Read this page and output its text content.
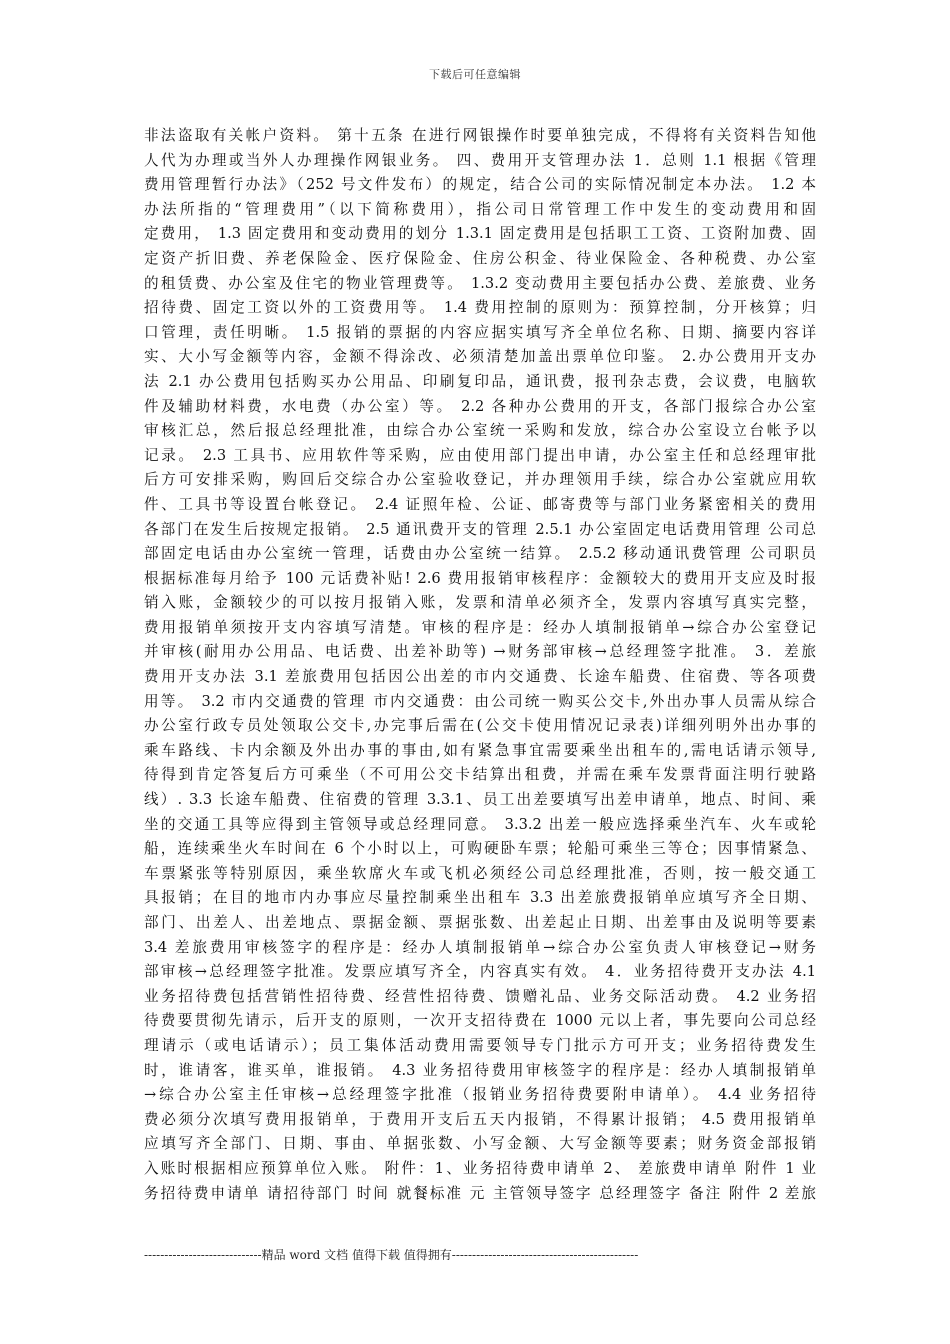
下载后可任意编辑

非法盗取有关帐户资料。 第十五条 在进行网银操作时要单独完成，不得将有关资料告知他

人代为办理或当外人办理操作网银业务。 四、费用开支管理办法 1．总则 1.1 根据《管理

费用管理暂行办法》（252 号文件发布）的规定，结合公司的实际情况制定本办法。 1.2 本

办法所指的“管理费用”（以下简称费用），指公司日常管理工作中发生的变动费用和固

定费用， 1.3 固定费用和变动费用的划分 1.3.1 固定费用是包括职工工资、工资附加费、固

定资产折旧费、养老保险金、医疗保险金、住房公积金、待业保险金、各种税费、办公室

的租赁费、办公室及住宅的物业管理费等。 1.3.2 变动费用主要包括办公费、差旅费、业务

招待费、固定工资以外的工资费用等。 1.4 费用控制的原则为：预算控制，分开核算；归

口管理，责任明晰。 1.5 报销的票据的内容应据实填写齐全单位名称、日期、摘要内容详

实、大小写金额等内容，金额不得涂改、必须清楚加盖出票单位印鉴。 2.办公费用开支办

法 2.1 办公费用包括购买办公用品、印刷复印品，通讯费，报刊杂志费，会议费，电脑软

件及辅助材料费，水电费（办公室）等。 2.2 各种办公费用的开支，各部门报综合办公室

审核汇总，然后报总经理批准，由综合办公室统一采购和发放，综合办公室设立台帐予以

记录。 2.3 工具书、应用软件等采购，应由使用部门提出申请，办公室主任和总经理审批

后方可安排采购，购回后交综合办公室验收登记，并办理领用手续，综合办公室就应用软

件、工具书等设置台帐登记。 2.4 证照年检、公证、邮寄费等与部门业务紧密相关的费用

各部门在发生后按规定报销。 2.5 通讯费开支的管理 2.5.1 办公室固定电话费用管理 公司总

部固定电话由办公室统一管理，话费由办公室统一结算。 2.5.2 移动通讯费管理 公司职员

根据标准每月给予 100 元话费补贴! 2.6 费用报销审核程序：金额较大的费用开支应及时报

销入账，金额较少的可以按月报销入账，发票和清单必须齐全，发票内容填写真实完整，

费用报销单须按开支内容填写清楚。审核的程序是：经办人填制报销单→综合办公室登记

并审核(耐用办公用品、电话费、出差补助等) →财务部审核→总经理签字批准。 3．差旅

费用开支办法 3.1 差旅费用包括因公出差的市内交通费、长途车船费、住宿费、等各项费

用等。 3.2 市内交通费的管理 市内交通费：由公司统一购买公交卡,外出办事人员需从综合

办公室行政专员处领取公交卡,办完事后需在(公交卡使用情况记录表)详细列明外出办事的

乘车路线、卡内余额及外出办事的事由,如有紧急事宜需要乘坐出租车的,需电话请示领导,

待得到肯定答复后方可乘坐（不可用公交卡结算出租费，并需在乘车发票背面注明行驶路

线）. 3.3 长途车船费、住宿费的管理 3.3.1、员工出差要填写出差申请单，地点、时间、乘

坐的交通工具等应得到主管领导或总经理同意。 3.3.2 出差一般应选择乘坐汽车、火车或轮

船，连续乘坐火车时间在 6 个小时以上，可购硬卧车票；轮船可乘坐三等仓；因事情紧急、

车票紧张等特别原因，乘坐软席火车或飞机必须经公司总经理批准，否则，按一般交通工

具报销；在目的地市内办事应尽量控制乘坐出租车 3.3 出差旅费报销单应填写齐全日期、

部门、出差人、出差地点、票据金额、票据张数、出差起止日期、出差事由及说明等要素

3.4 差旅费用审核签字的程序是：经办人填制报销单→综合办公室负责人审核登记→财务

部审核→总经理签字批准。发票应填写齐全，内容真实有效。 4．业务招待费开支办法 4.1

业务招待费包括营销性招待费、经营性招待费、馈赠礼品、业务交际活动费。 4.2 业务招

待费要贯彻先请示，后开支的原则，一次开支招待费在 1000 元以上者，事先要向公司总经

理请示（或电话请示）；员工集体活动费用需要领导专门批示方可开支；业务招待费发生

时，谁请客，谁买单，谁报销。 4.3 业务招待费用审核签字的程序是：经办人填制报销单

→综合办公室主任审核→总经理签字批准（报销业务招待费要附申请单）。 4.4 业务招待

费必须分次填写费用报销单，于费用开支后五天内报销，不得累计报销； 4.5 费用报销单

应填写齐全部门、日期、事由、单据张数、小写金额、大写金额等要素；财务资金部报销

入账时根据相应预算单位入账。 附件：1、业务招待费申请单 2、 差旅费申请单 附件 1 业

务招待费申请单 请招待部门 时间 就餐标准 元 主管领导签字 总经理签字 备注 附件 2 差旅

-----------------------------精品 word 文档 值得下载 值得拥有----------------------------------------------
